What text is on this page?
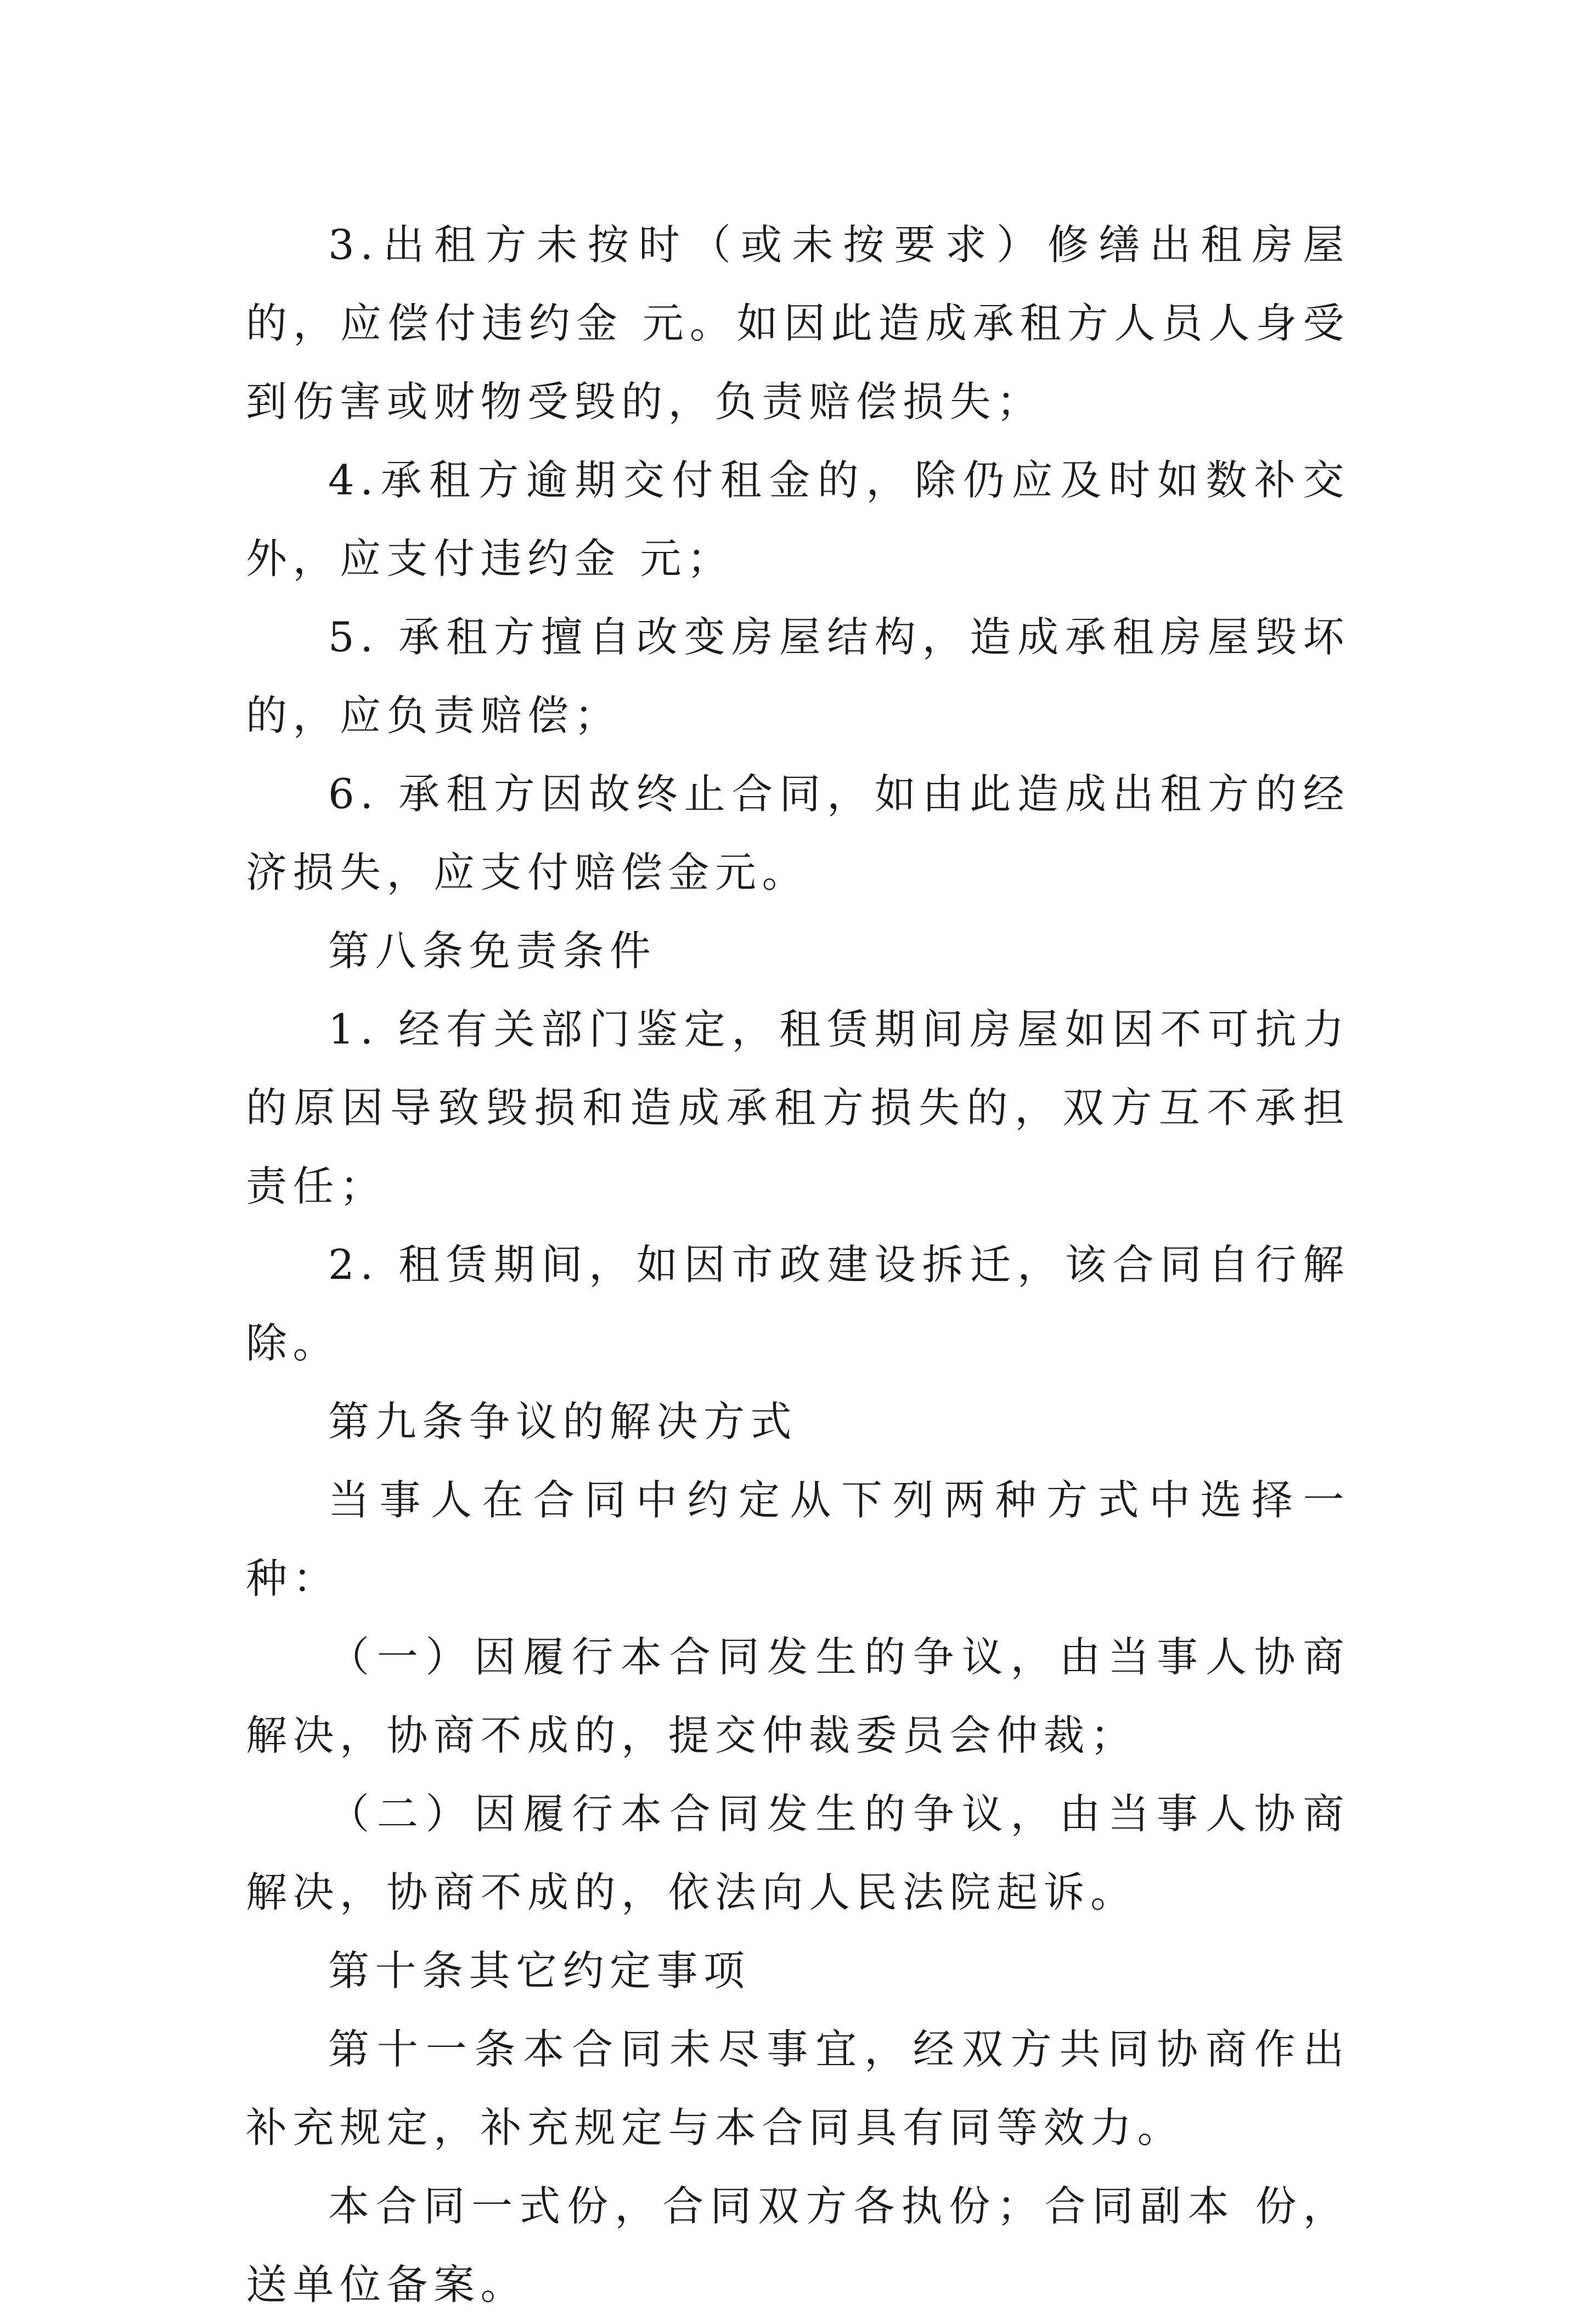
3.出租方未按时（或未按要求）修缮出租房屋的，应偿付违约金 元。如因此造成承租方人员人身受到伤害或财物受毁的，负责赔偿损失；

4.承租方逾期交付租金的，除仍应及时如数补交外，应支付违约金 元；

5. 承租方擅自改变房屋结构，造成承租房屋毁坏的，应负责赔偿；

6. 承租方因故终止合同，如由此造成出租方的经济损失，应支付赔偿金元。

第八条免责条件

1. 经有关部门鉴定，租赁期间房屋如因不可抗力的原因导致毁损和造成承租方损失的，双方互不承担责任；

2. 租赁期间，如因市政建设拆迁，该合同自行解除。

第九条争议的解决方式

当事人在合同中约定从下列两种方式中选择一种：

（一）因履行本合同发生的争议，由当事人协商解决，协商不成的，提交仲裁委员会仲裁；

（二）因履行本合同发生的争议，由当事人协商解决，协商不成的，依法向人民法院起诉。

第十条其它约定事项

第十一条本合同未尽事宜，经双方共同协商作出补充规定，补充规定与本合同具有同等效力。

本合同一式份，合同双方各执份；合同副本 份，送单位备案。
